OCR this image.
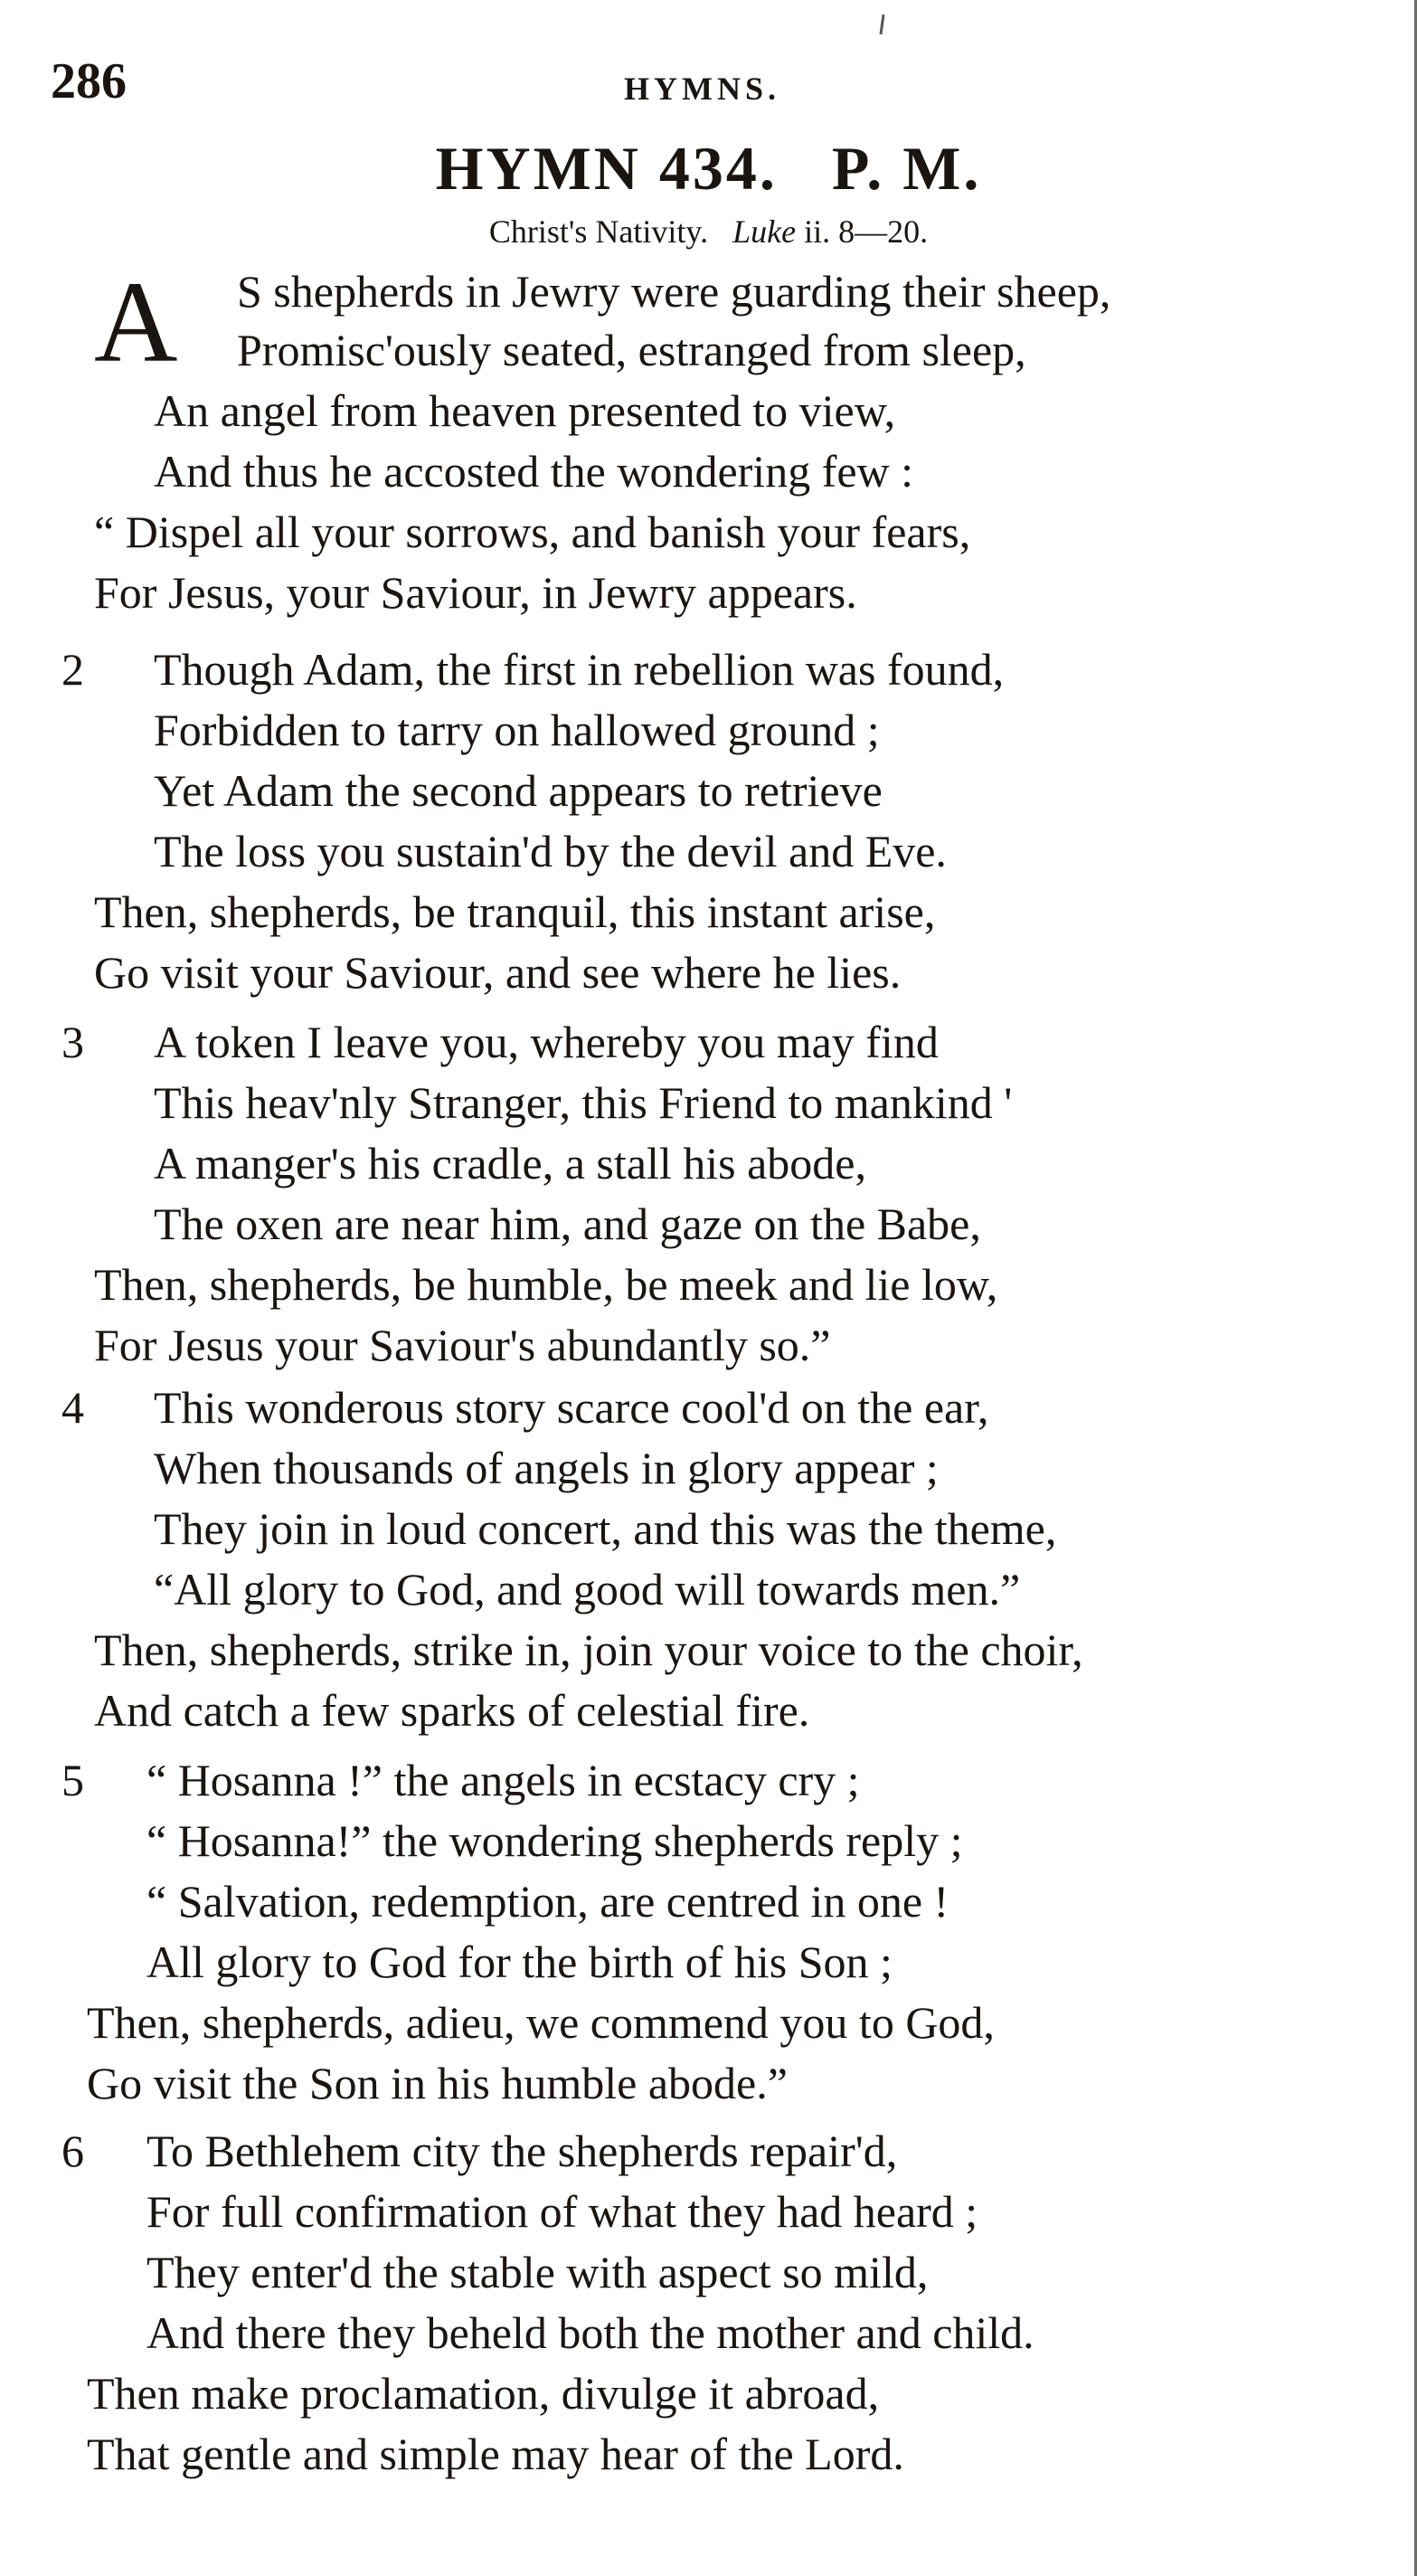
286	HYMNS.
HYMN 434.   P. M.
Christ's Nativity. Luke ii. 8—20.
A S shepherds in Jewry were guarding their sheep,
Promisc'ously seated, estranged from sleep,
An angel from heaven presented to view,
And thus he accosted the wondering few :
“ Dispel all your sorrows, and banish your fears,
For Jesus, your Saviour, in Jewry appears.
2 Though Adam, the first in rebellion was found,
Forbidden to tarry on hallowed ground ;
Yet Adam the second appears to retrieve
The loss you sustain'd by the devil and Eve.
Then, shepherds, be tranquil, this instant arise,
Go visit your Saviour, and see where he lies.
3 A token I leave you, whereby you may find
This heav'nly Stranger, this Friend to mankind '
A manger's his cradle, a stall his abode,
The oxen are near him, and gaze on the Babe,
Then, shepherds, be humble, be meek and lie low,
For Jesus your Saviour's abundantly so.”
4 This wonderous story scarce cool'd on the ear,
When thousands of angels in glory appear ;
They join in loud concert, and this was the theme,
“All glory to God, and good will towards men.”
Then, shepherds, strike in, join your voice to the choir,
And catch a few sparks of celestial fire.
5 “ Hosanna !” the angels in ecstacy cry ;
“ Hosanna!” the wondering shepherds reply ;
“ Salvation, redemption, are centred in one !
All glory to God for the birth of his Son ;
Then, shepherds, adieu, we commend you to God,
Go visit the Son in his humble abode.”
6 To Bethlehem city the shepherds repair'd,
For full confirmation of what they had heard ;
They enter'd the stable with aspect so mild,
And there they beheld both the mother and child.
Then make proclamation, divulge it abroad,
That gentle and simple may hear of the Lord.
